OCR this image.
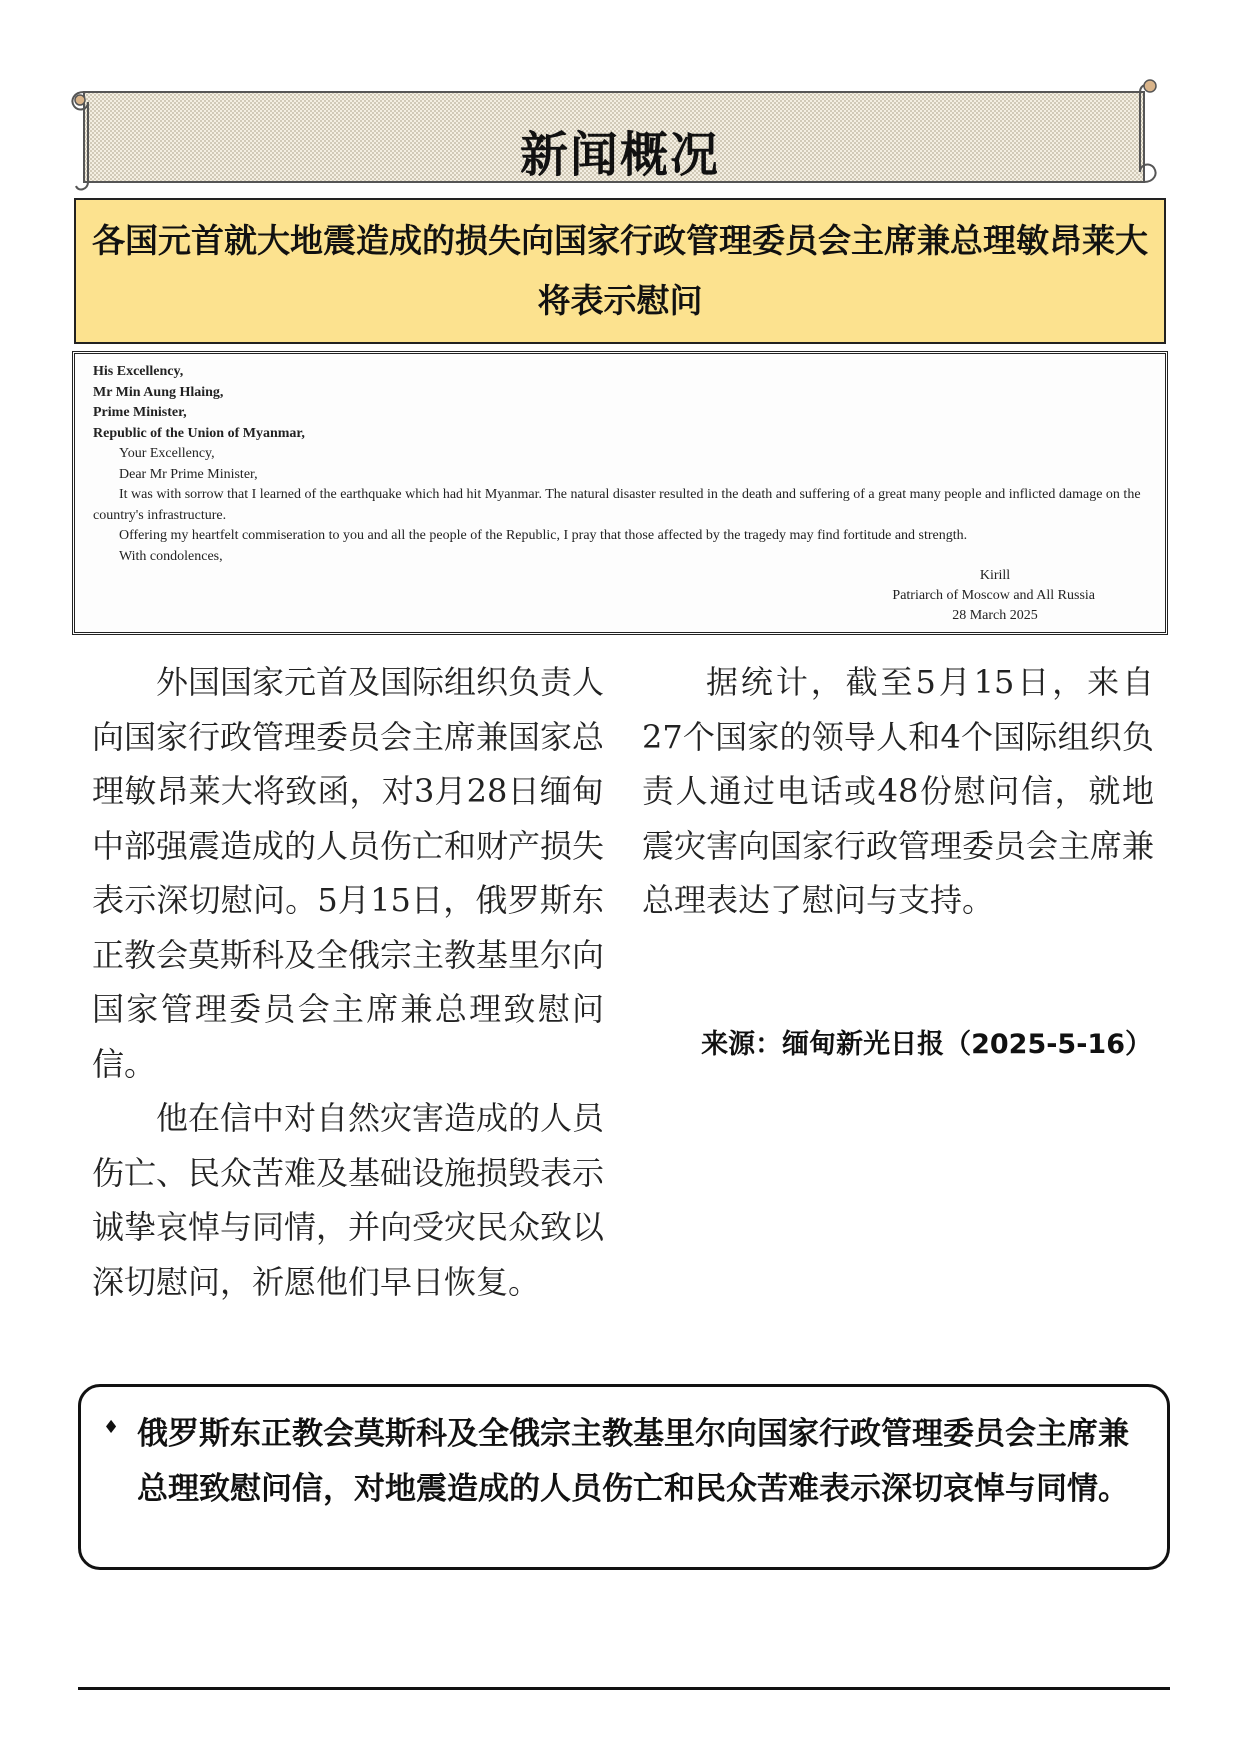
新闻概况
各国元首就大地震造成的损失向国家行政管理委员会主席兼总理敏昂莱大将表示慰问
His Excellency,
Mr Min Aung Hlaing,
Prime Minister,
Republic of the Union of Myanmar,
Your Excellency,
Dear Mr Prime Minister,
It was with sorrow that I learned of the earthquake which had hit Myanmar. The natural disaster resulted in the death and suffering of a great many people and inflicted damage on the country's infrastructure.
Offering my heartfelt commiseration to you and all the people of the Republic, I pray that those affected by the tragedy may find fortitude and strength.
With condolences,
Kirill
Patriarch of Moscow and All Russia
28 March 2025

外国国家元首及国际组织负责人向国家行政管理委员会主席兼国家总理敏昂莱大将致函，对3月28日缅甸中部强震造成的人员伤亡和财产损失表示深切慰问。5月15日，俄罗斯东正教会莫斯科及全俄宗主教基里尔向国家管理委员会主席兼总理致慰问信。

他在信中对自然灾害造成的人员伤亡、民众苦难及基础设施损毁表示诚挚哀悼与同情，并向受灾民众致以深切慰问，祈愿他们早日恢复。

据统计，截至5月15日，来自27个国家的领导人和4个国际组织负责人通过电话或48份慰问信，就地震灾害向国家行政管理委员会主席兼总理表达了慰问与支持。

来源：缅甸新光日报（2025-5-16）
♦ 俄罗斯东正教会莫斯科及全俄宗主教基里尔向国家行政管理委员会主席兼总理致慰问信，对地震造成的人员伤亡和民众苦难表示深切哀悼与同情。
